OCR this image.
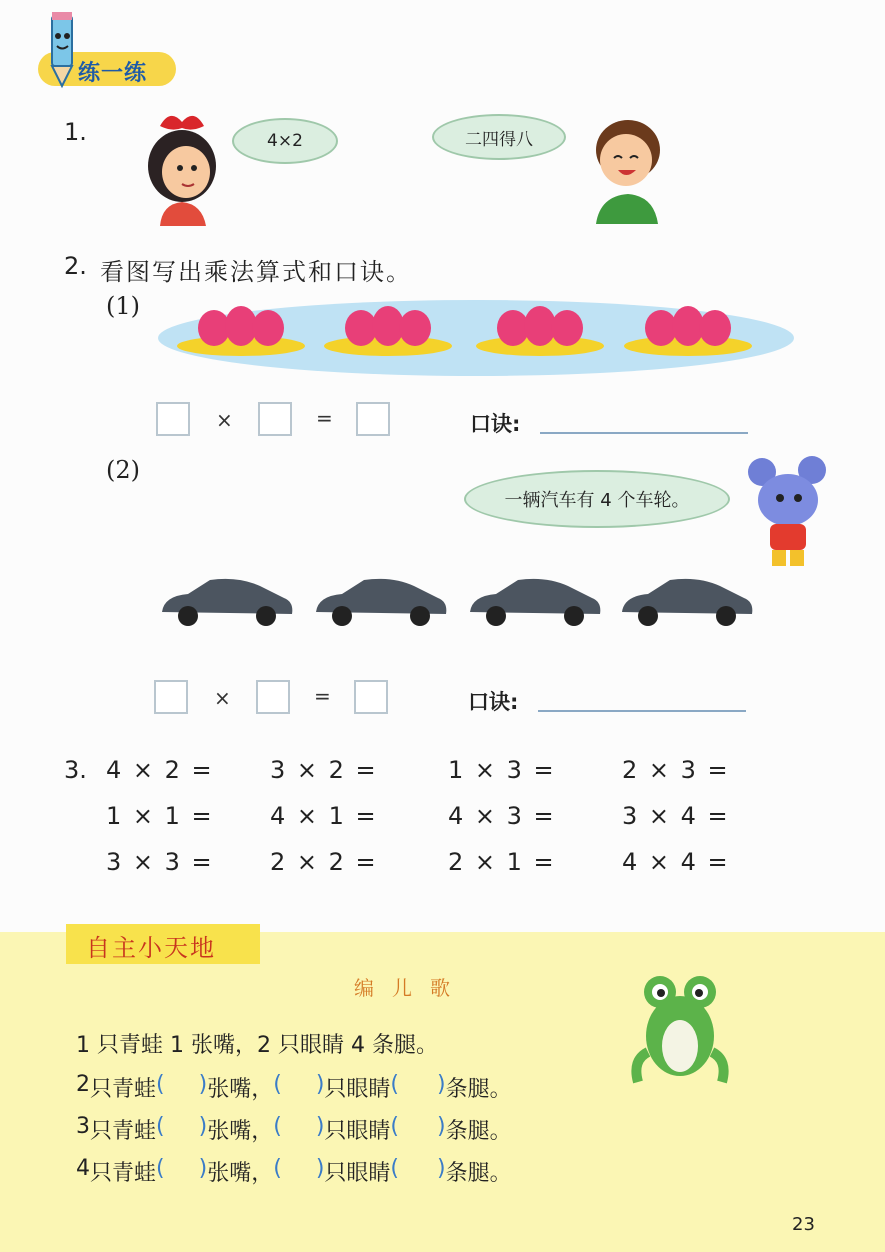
练一练
1.	4×2	二四得八
2. 看图写出乘法算式和口诀。
(1)
×	=	口诀:
(2)
一辆汽车有 4 个车轮。
×	=	口诀:
3. 4 × 2 = 3 × 2 =	1 × 3 =	2 × 3 =
1 × 1 = 4 × 1 =	4 × 3 =	3 × 4 =
3 × 3 = 2 × 2 =	2 × 1 =	4 × 4 =
自主小天地
编儿歌
1 只青蛙 1 张嘴，2 只眼睛 4 条腿。
2 只青蛙 ( ) 张嘴， ( ) 只眼睛 ( ) 条腿。
3 只青蛙 ( ) 张嘴， ( ) 只眼睛 ( ) 条腿。
4 只青蛙 ( ) 张嘴， ( ) 只眼睛 ( ) 条腿。
23
